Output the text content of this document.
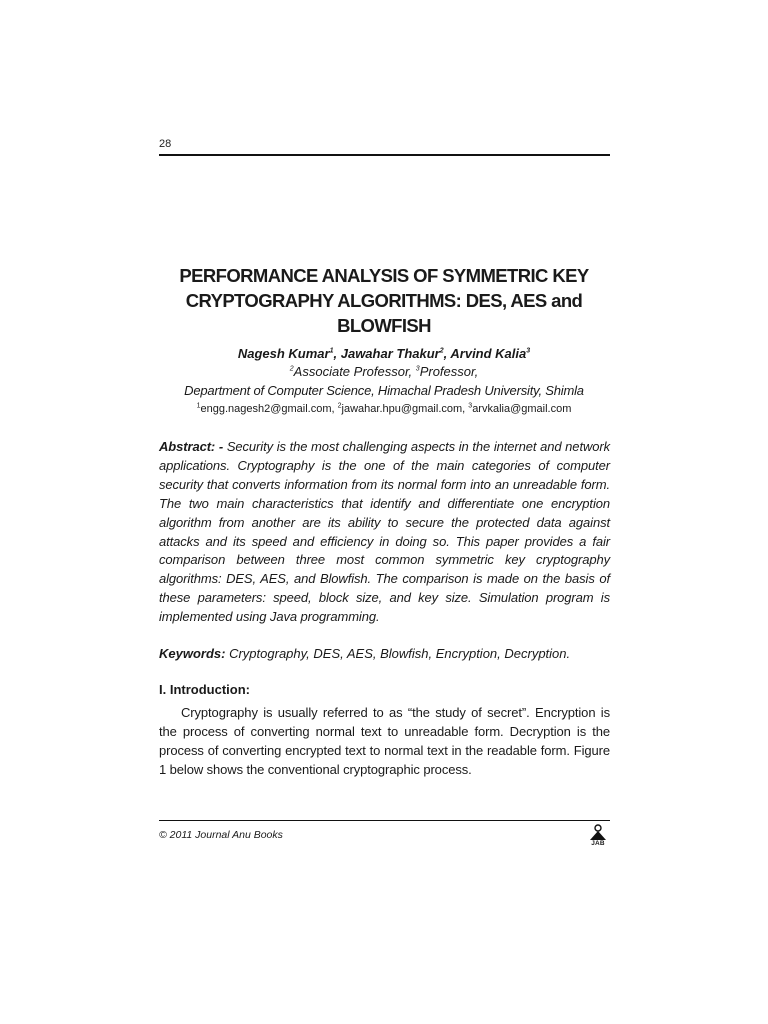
28
PERFORMANCE ANALYSIS OF SYMMETRIC KEY CRYPTOGRAPHY ALGORITHMS: DES, AES and BLOWFISH
Nagesh Kumar$^1$, Jawahar Thakur$^2$, Arvind Kalia$^3$
$^2$Associate Professor, $^3$Professor,
Department of Computer Science, Himachal Pradesh University, Shimla
$^1$engg.nagesh2@gmail.com, $^2$jawahar.hpu@gmail.com, $^3$arvkalia@gmail.com

Abstract: - Security is the most challenging aspects in the internet and network applications. Cryptography is the one of the main categories of computer security that converts information from its normal form into an unreadable form. The two main characteristics that identify and differentiate one encryption algorithm from another are its ability to secure the protected data against attacks and its speed and efficiency in doing so. This paper provides a fair comparison between three most common symmetric key cryptography algorithms: DES, AES, and Blowfish. The comparison is made on the basis of these parameters: speed, block size, and key size. Simulation program is implemented using Java programming.

Keywords: Cryptography, DES, AES, Blowfish, Encryption, Decryption.

I. Introduction:

Cryptography is usually referred to as “the study of secret”. Encryption is the process of converting normal text to unreadable form. Decryption is the process of converting encrypted text to normal text in the readable form. Figure 1 below shows the conventional cryptographic process.

© 2011 Journal Anu Books
JAB
